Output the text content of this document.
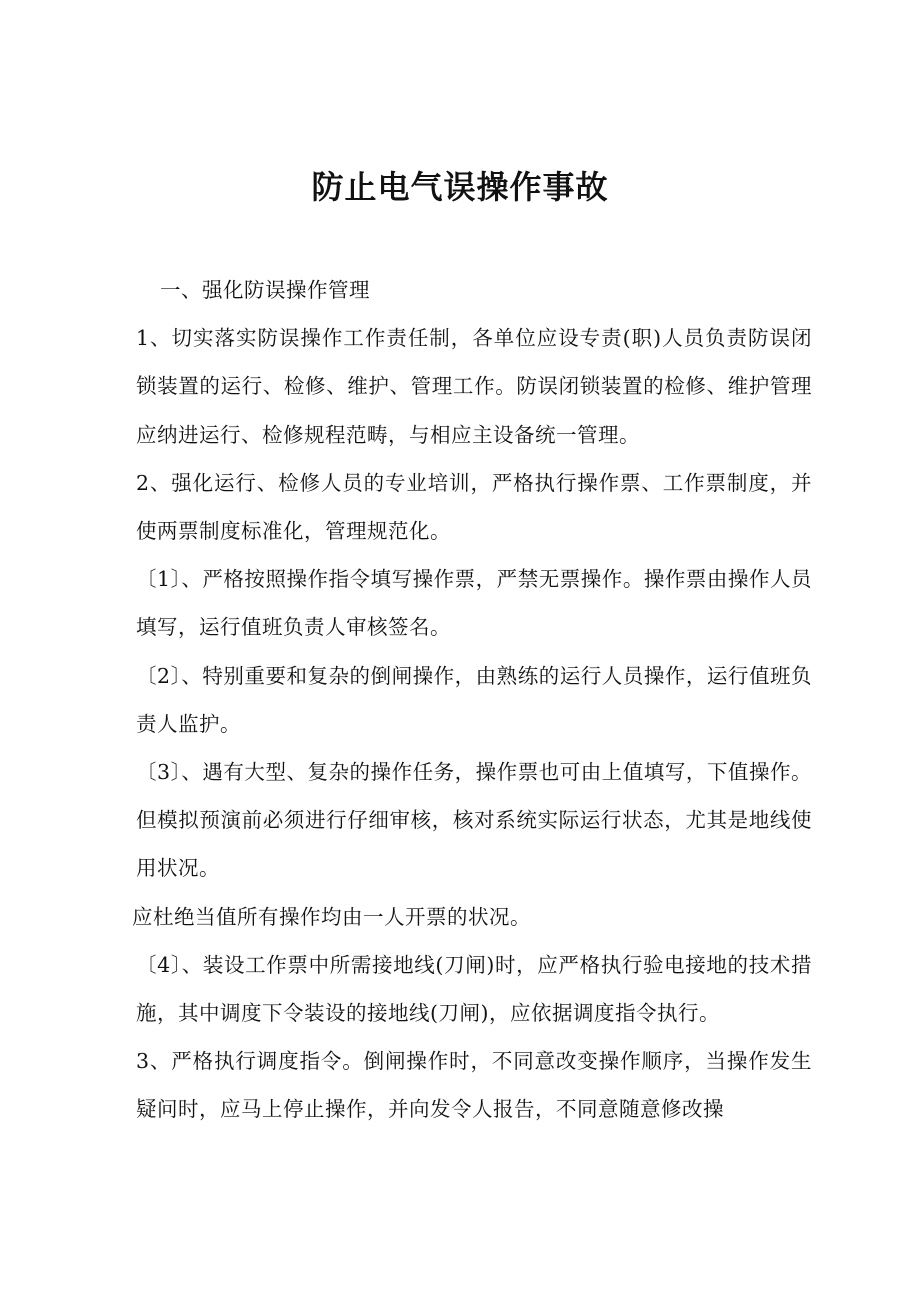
防止电气误操作事故

一、强化防误操作管理

1、切实落实防误操作工作责任制，各单位应设专责(职)人员负责防误闭锁装置的运行、检修、维护、管理工作。防误闭锁装置的检修、维护管理应纳进运行、检修规程范畴，与相应主设备统一管理。

2、强化运行、检修人员的专业培训，严格执行操作票、工作票制度，并使两票制度标准化，管理规范化。

〔1〕、严格按照操作指令填写操作票，严禁无票操作。操作票由操作人员填写，运行值班负责人审核签名。

〔2〕、特别重要和复杂的倒闸操作，由熟练的运行人员操作，运行值班负责人监护。

〔3〕、遇有大型、复杂的操作任务，操作票也可由上值填写，下值操作。但模拟预演前必须进行仔细审核，核对系统实际运行状态，尤其是地线使用状况。

应杜绝当值所有操作均由一人开票的状况。

〔4〕、装设工作票中所需接地线(刀闸)时，应严格执行验电接地的技术措施，其中调度下令装设的接地线(刀闸)，应依据调度指令执行。

3、严格执行调度指令。倒闸操作时，不同意改变操作顺序，当操作发生疑问时，应马上停止操作，并向发令人报告，不同意随意修改操
